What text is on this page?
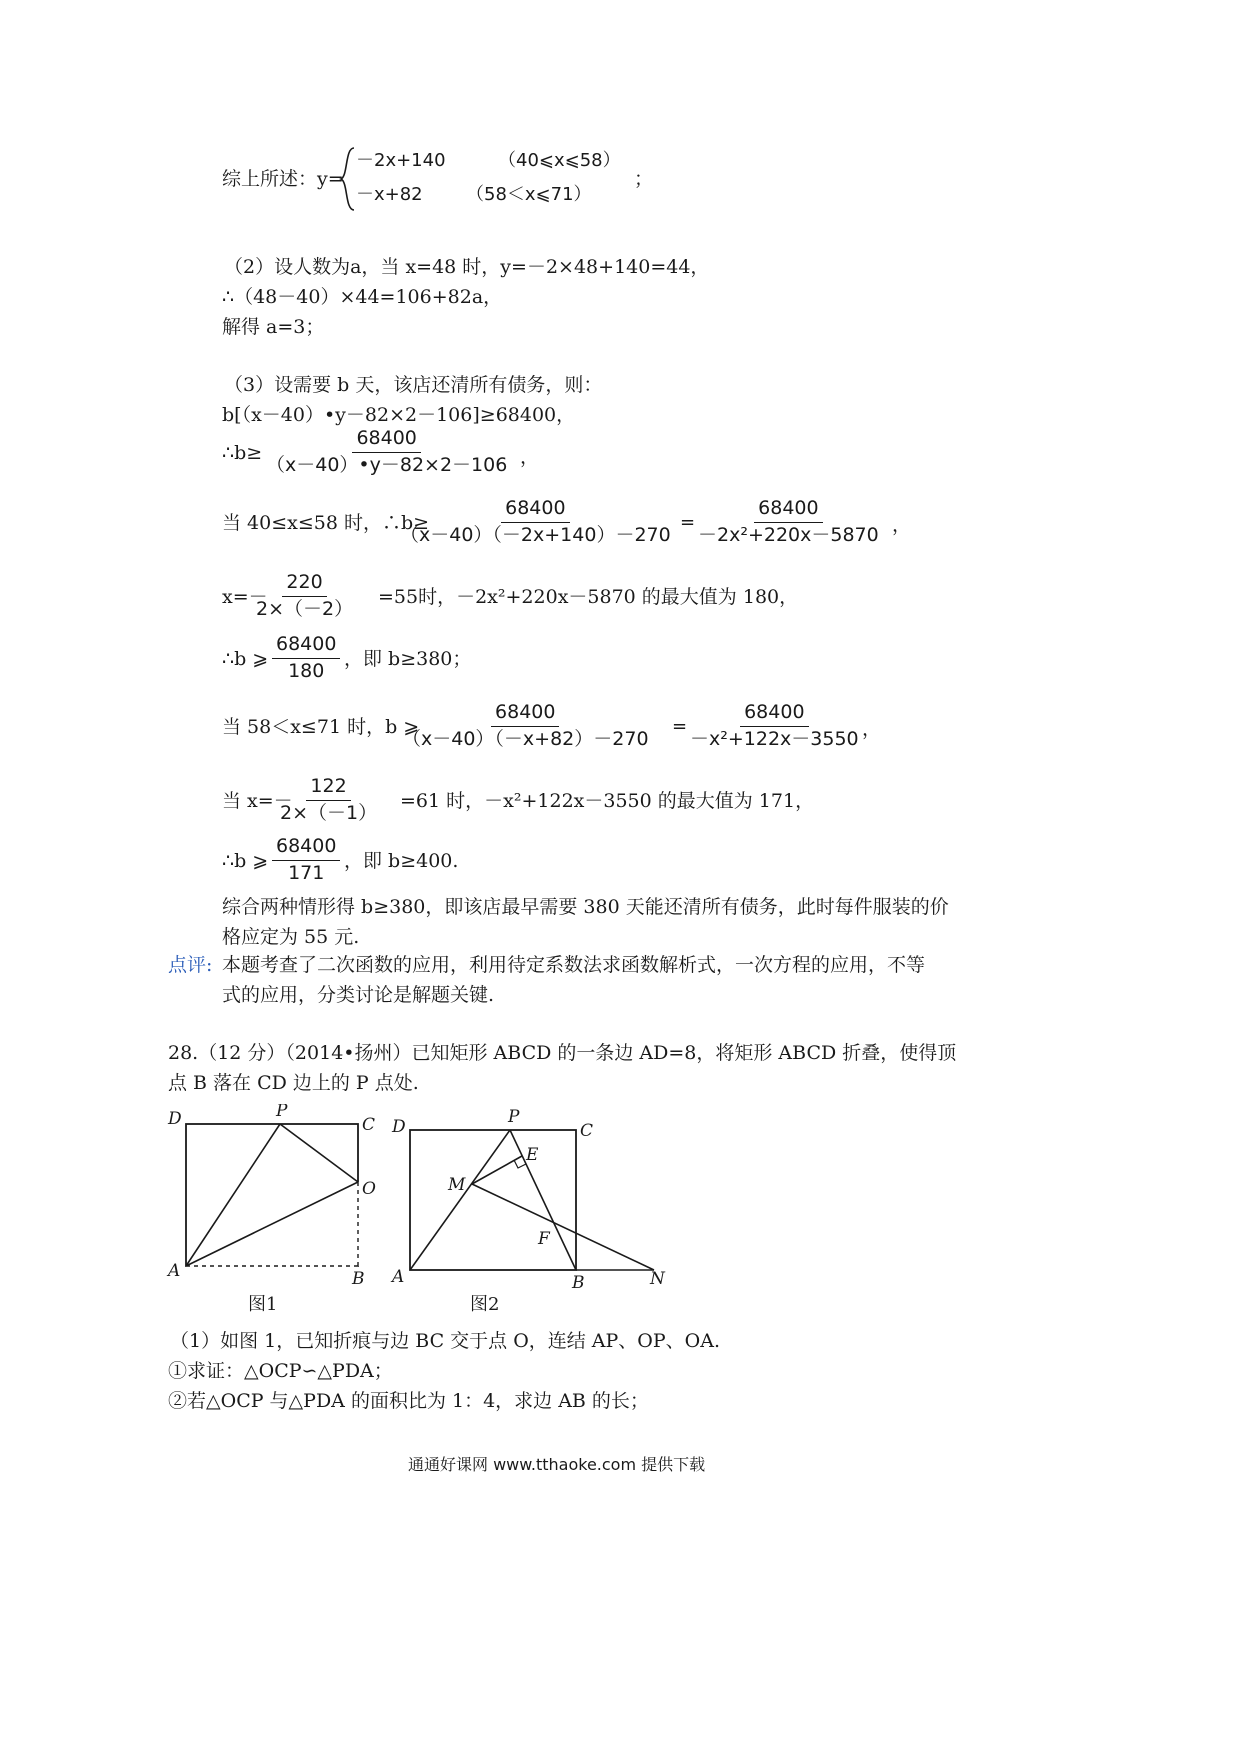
综上所述：y=
－2x+140	（40⩽x⩽58）
－x+82 （58＜x⩽71）
；
（2）设人数为a，当 x=48 时，y=－2×48+140=44，
∴（48－40）×44=106+82a，
解得 a=3；
（3）设需要 b 天，该店还清所有债务，则：
b[（x－40）•y－82×2－106]≥68400，
∴b≥ $\frac{68400}{(x-40)•y-82\times 2-106}$ ，
当 40≤x≤58 时，∴b≥
$\frac{68400}{(x-40)(-2x+140)-270} = \frac{68400}{\text{－2x²+220x－5870}}$ ，
x=－
$\frac{220}{2\times(-2)} =55$时，－2x²+220x－5870 的最大值为 180，
∴b ⩾ $\frac{68400}{180}$ ，即 b≥380；
当 58＜x≤71 时，b ⩾
$\frac{68400}{(x-40)(-x+82)-270} = \frac{68400}{\text{－x²+122x－3550}}$ ，
当 x=－
$\frac{122}{2\times(-1)} =61$ 时，－x²+122x－3550 的最大值为 171，
∴b ⩾ $\frac{68400}{171}$ ，即 b≥400.
综合两种情形得 b≥380，即该店最早需要 380 天能还清所有债务，此时每件服装的价
格应定为 55 元.
点评: 本题考查了二次函数的应用，利用待定系数法求函数解析式，一次方程的应用，不等
式的应用，分类讨论是解题关键.
28.（12 分）（2014•扬州）已知矩形 ABCD 的一条边 AD=8，将矩形 ABCD 折叠，使得顶
点 B 落在 CD 边上的 P 点处.
D	P
C
O
A	B
图1
D	P
C
E
M
F
A	B	N
图2
（1）如图 1，已知折痕与边 BC 交于点 O，连结 AP、OP、OA.
①求证：△OCP∽△PDA；
②若△OCP 与△PDA 的面积比为 1：4，求边 AB 的长；
通通好课网 www.tthaoke.com 提供下载
